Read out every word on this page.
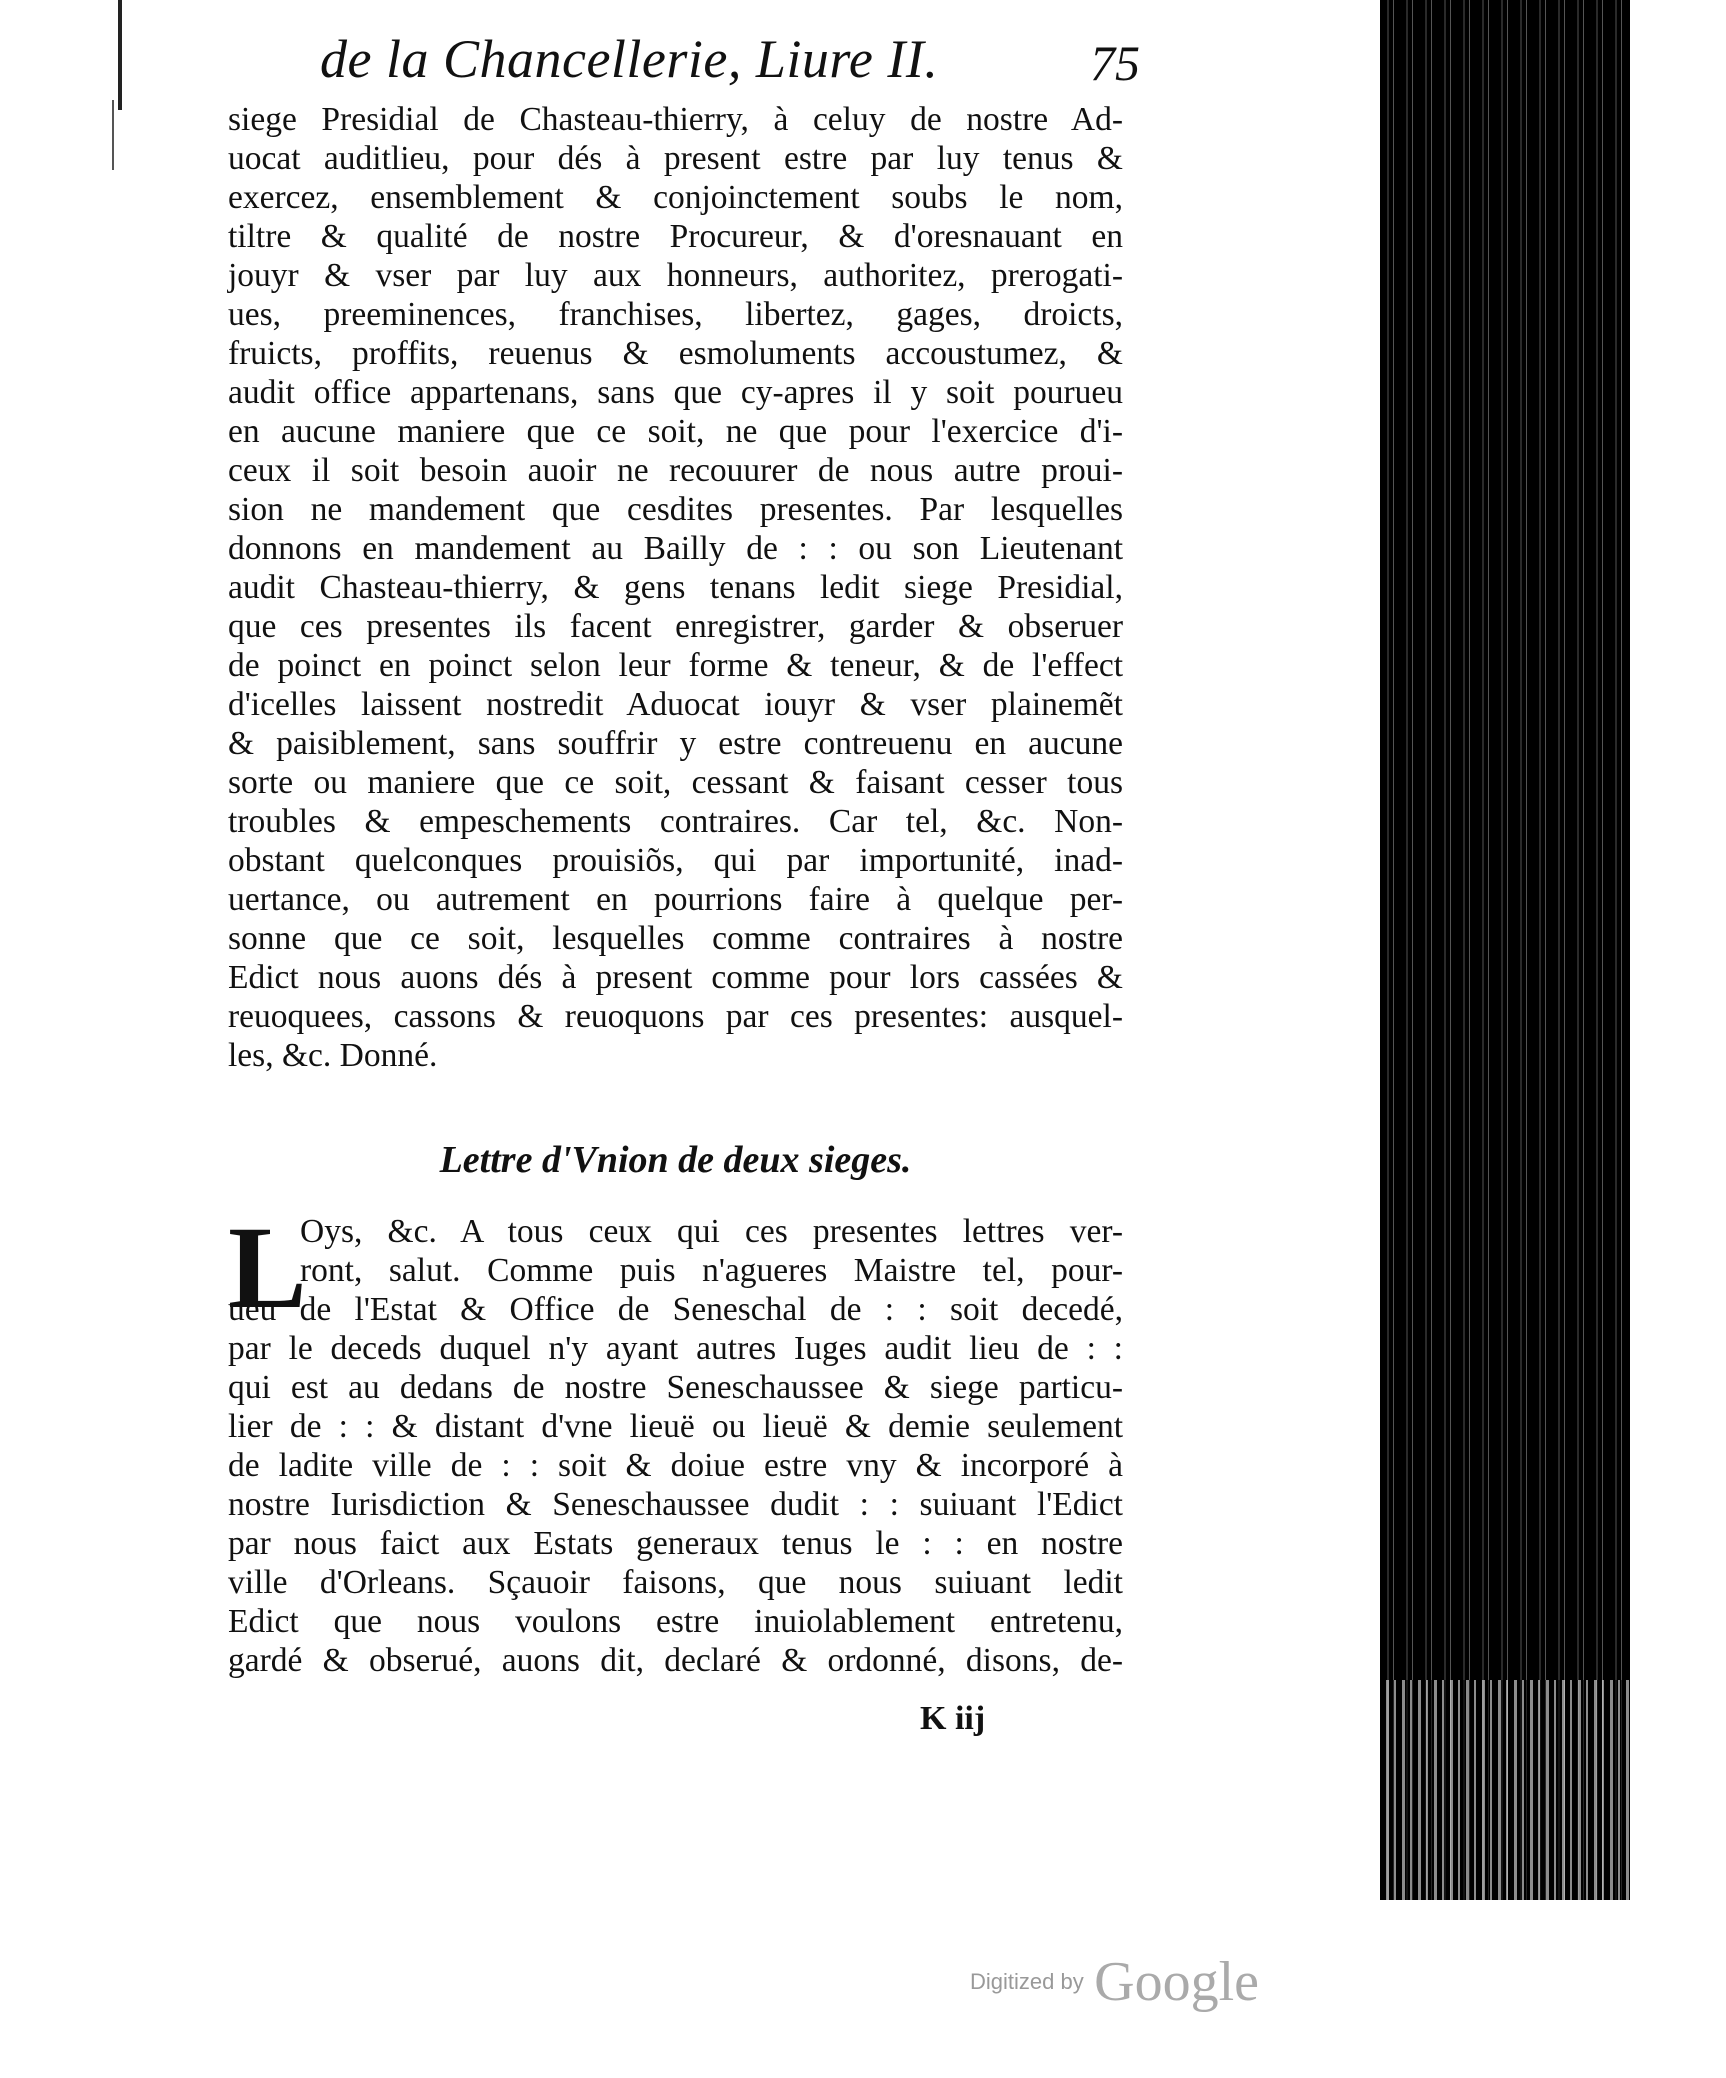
de la Chancellerie, Liure II.	75
siege Presidial de Chasteau-thierry, à celuy de nostre Ad-
uocat auditlieu, pour dés à present estre par luy tenus &
exercez, ensemblement & conjoinctement soubs le nom,
tiltre & qualité de nostre Procureur, & d'oresnauant en
jouyr & vser par luy aux honneurs, authoritez, prerogati-
ues, preeminences, franchises, libertez, gages, droicts,
fruicts, proffits, reuenus & esmoluments accoustumez, &
audit office appartenans, sans que cy-apres il y soit pourueu
en aucune maniere que ce soit, ne que pour l'exercice d'i-
ceux il soit besoin auoir ne recouurer de nous autre proui-
sion ne mandement que cesdites presentes. Par lesquelles
donnons en mandement au Bailly de : : ou son Lieutenant
audit Chasteau-thierry, & gens tenans ledit siege Presidial,
que ces presentes ils facent enregistrer, garder & obseruer
de poinct en poinct selon leur forme & teneur, & de l'effect
d'icelles laissent nostredit Aduocat iouyr & vser plainemẽt
& paisiblement, sans souffrir y estre contreuenu en aucune
sorte ou maniere que ce soit, cessant & faisant cesser tous
troubles & empeschements contraires. Car tel, &c. Non-
obstant quelconques prouisiõs, qui par importunité, inad-
uertance, ou autrement en pourrions faire à quelque per-
sonne que ce soit, lesquelles comme contraires à nostre
Edict nous auons dés à present comme pour lors cassées &
reuoquees, cassons & reuoquons par ces presentes: ausquel-
les, &c. Donné.
Lettre d'Vnion de deux sieges.
L
Oys, &c. A tous ceux qui ces presentes lettres ver-
ront, salut. Comme puis n'agueres Maistre tel, pour-
ueu de l'Estat & Office de Seneschal de : : soit decedé,
par le deceds duquel n'y ayant autres Iuges audit lieu de : :
qui est au dedans de nostre Seneschaussee & siege particu-
lier de : : & distant d'vne lieuë ou lieuë & demie seulement
de ladite ville de : : soit & doiue estre vny & incorporé à
nostre Iurisdiction & Seneschaussee dudit : : suiuant l'Edict
par nous faict aux Estats generaux tenus le : : en nostre
ville d'Orleans. Sçauoir faisons, que nous suiuant ledit
Edict que nous voulons estre inuiolablement entretenu,
gardé & obserué, auons dit, declaré & ordonné, disons, de-
K iij
Digitized by Google
